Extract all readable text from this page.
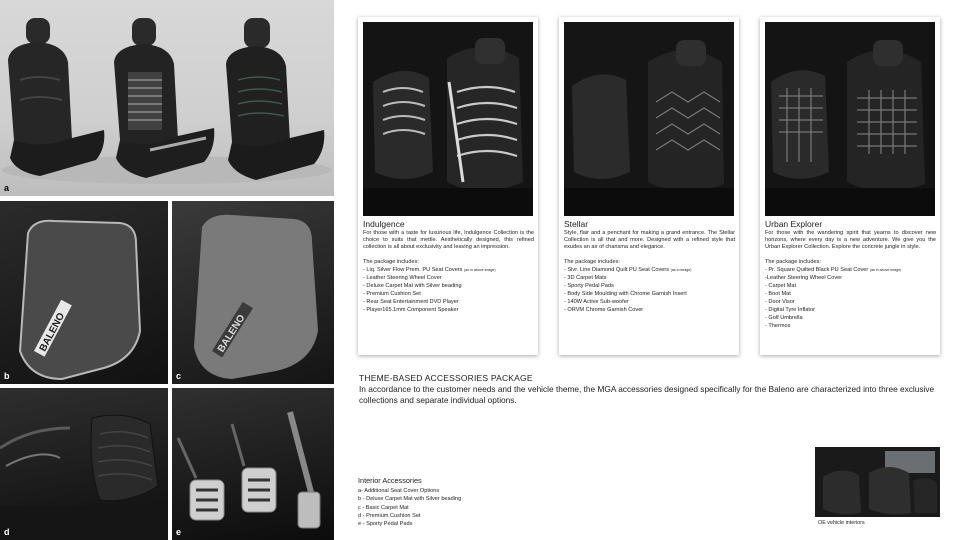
a
BALENO
b
BALENO
c
d	e
Indulgence
For those with a taste for luxurious life, Indulgence Collection is the choice to suits that mettle. Aesthetically designed, this refined collection is all about exclusivity and leaving an impression.
The package includes:
- Liq. Silver Flow Prem. PU Seat Covers (as in above image)
- Leather Steering Wheel Cover
- Deluxe Carpet Mat with Silver beading
- Premium Cushion Set
- Rear Seat Entertainment DVD Player
- Player165.1mm Component Speaker
Stellar
Style, flair and a penchant for making a grand entrance. The Stellar Collection is all that and more. Designed with a refined style that exudes an air of charisma and elegance.
The package includes:
- Slvr. Line Diamond Quilt PU Seat Covers (as in image)
- 3D Carpet Mats
- Sporty Pedal Pads
- Body Side Moulding with Chrome Garnish Insert
- 140W Active Sub-woofer
- ORVM Chrome Garnish Cover
Urban Explorer
For those with the wandering spirit that yearns to discover new horizons, where every day is a new adventure. We give you the Urban Explorer Collection. Explore the concrete jungle in style.
The package includes:
- Pr. Square Quilted Black PU Seat Cover (as in above image)
-Leather Steering Wheel Cover
- Carpet Mat
- Boot Mat
- Door Visor
- Digital Tyre Inflator
- Golf Umbrella
- Thermos
THEME-BASED ACCESSORIES PACKAGE
In accordance to the customer needs and the vehicle theme, the MGA accessories designed specifically for the Baleno are characterized into three exclusive collections and separate individual options.
Interior Accessories
a- Additional Seat Cover Options
b - Deluxe Carpet Mat with Silver beading
c - Basic Carpet Mat
d - Premium Cushion Set
e - Sporty Pedal Pads	OE vehicle interiors
